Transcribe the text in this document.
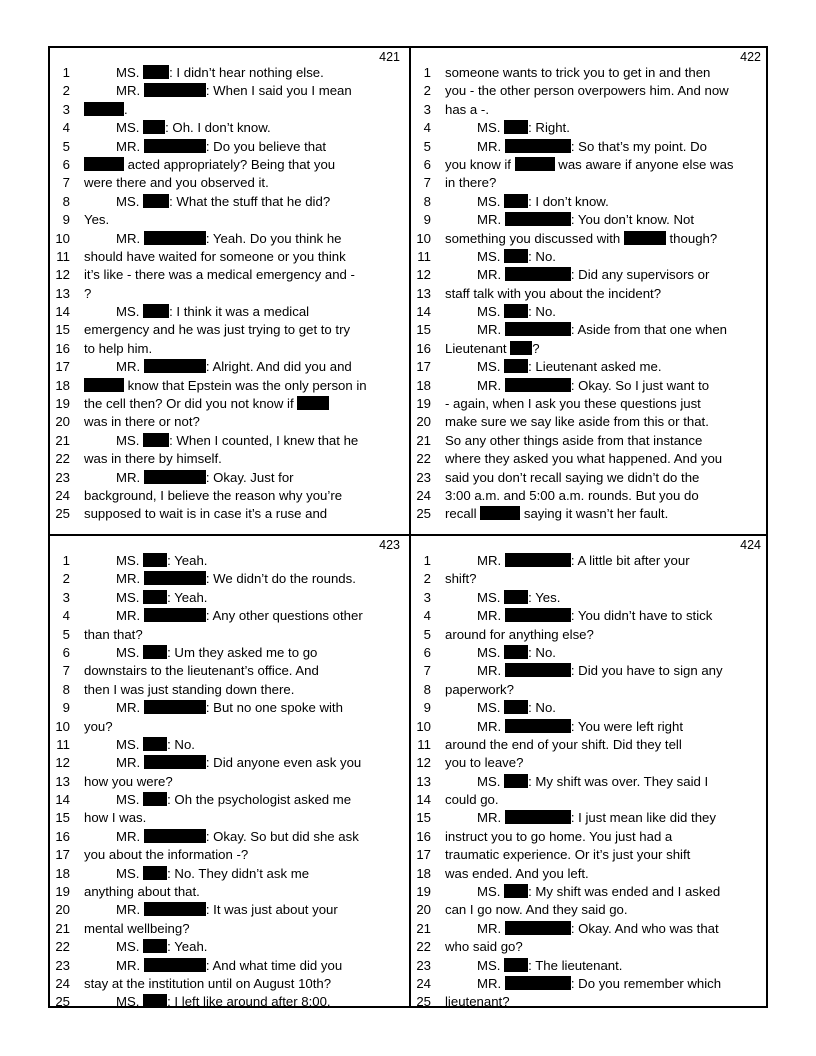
421
1	MS. : I didn’t hear nothing else.
2	MR.	: When I said you I mean
3	.
4	MS. : Oh. I don’t know.
5	MR.	: Do you believe that
6	acted appropriately? Being that you
7 were there and you observed it.
8	MS. : What the stuff that he did?
9 Yes.
10	MR.	: Yeah. Do you think he
11 should have waited for someone or you think
12 it’s like - there was a medical emergency and -
13 ?
14	MS. : I think it was a medical
15 emergency and he was just trying to get to try
16 to help him.
17	MR.	: Alright. And did you and
18	know that Epstein was the only person in
19 the cell then? Or did you not know if
20 was in there or not?
21	MS. : When I counted, I knew that he
22 was in there by himself.
23	MR.	: Okay. Just for
24 background, I believe the reason why you’re
25 supposed to wait is in case it’s a ruse and
422
1 someone wants to trick you to get in and then
2 you - the other person overpowers him. And now
3 has a -.
4	MS. : Right.
5	MR.	: So that’s my point. Do
6 you know if	was aware if anyone else was
7 in there?
8	MS. : I don’t know.
9	MR.	: You don’t know. Not
10 something you discussed with	though?
11	MS. : No.
12	MR.	: Did any supervisors or
13 staff talk with you about the incident?
14	MS. : No.
15	MR.	: Aside from that one when
16 Lieutenant ?
17	MS. : Lieutenant asked me.
18	MR.	: Okay. So I just want to
19 - again, when I ask you these questions just
20 make sure we say like aside from this or that.
21 So any other things aside from that instance
22 where they asked you what happened. And you
23 said you don’t recall saying we didn’t do the
24 3:00 a.m. and 5:00 a.m. rounds. But you do
25 recall	saying it wasn’t her fault.
423
1	MS. : Yeah.
2	MR.	: We didn’t do the rounds.
3	MS. : Yeah.
4	MR.	: Any other questions other
5 than that?
6	MS. : Um they asked me to go
7 downstairs to the lieutenant’s office. And
8 then I was just standing down there.
9	MR.	: But no one spoke with
10 you?
11	MS. : No.
12	MR.	: Did anyone even ask you
13 how you were?
14	MS. : Oh the psychologist asked me
15 how I was.
16	MR.	: Okay. So but did she ask
17 you about the information -?
18	MS. : No. They didn’t ask me
19 anything about that.
20	MR.	: It was just about your
21 mental wellbeing?
22	MS. : Yeah.
23	MR.	: And what time did you
24 stay at the institution until on August 10th?
25	MS. : I left like around after 8:00.
424
1	MR.	: A little bit after your
2 shift?
3	MS. : Yes.
4	MR.	: You didn’t have to stick
5 around for anything else?
6	MS. : No.
7	MR.	: Did you have to sign any
8 paperwork?
9	MS. : No.
10	MR.	: You were left right
11 around the end of your shift. Did they tell
12 you to leave?
13	MS. : My shift was over. They said I
14 could go.
15	MR.	: I just mean like did they
16 instruct you to go home. You just had a
17 traumatic experience. Or it’s just your shift
18 was ended. And you left.
19	MS. : My shift was ended and I asked
20 can I go now. And they said go.
21	MR.	: Okay. And who was that
22 who said go?
23	MS. : The lieutenant.
24	MR.	: Do you remember which
25 lieutenant?
